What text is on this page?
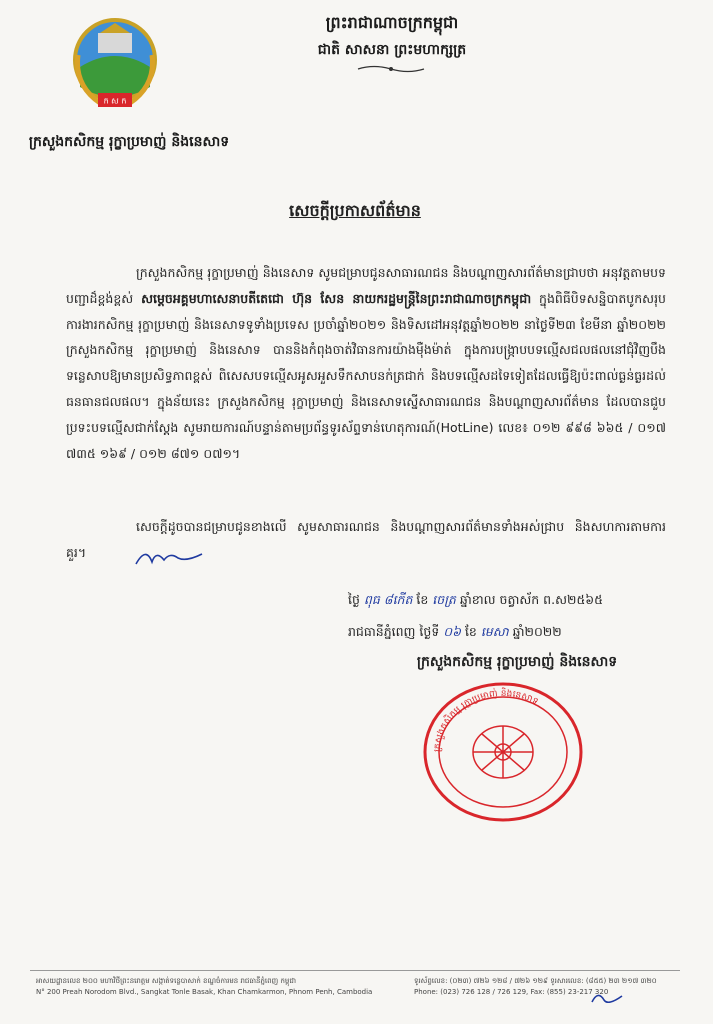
ក ស ក
ក្រសួងកសិកម្ម រុក្ខាប្រមាញ់ និងនេសាទ
ព្រះរាជាណាចក្រកម្ពុជា
ជាតិ សាសនា ព្រះមហាក្សត្រ
សេចក្ដីប្រកាសព័ត៌មាន
ក្រសួងកសិកម្ម រុក្ខាប្រមាញ់ និងនេសាទ សូមជម្រាបជូនសាធារណជន និងបណ្ដាញសារព័ត៌មានជ្រាបថា អនុវត្តតាមបទបញ្ជាដ៏ខ្ពង់ខ្ពស់ សម្ដេចអគ្គមហាសេនាបតីតេជោ ហ៊ុន សែន នាយករដ្ឋមន្ត្រីនៃព្រះរាជាណាចក្រកម្ពុជា ក្នុងពិធីបិទសន្និបាតបូកសរុបការងារកសិកម្ម រុក្ខាប្រមាញ់ និងនេសាទទូទាំងប្រទេស ប្រចាំឆ្នាំ២០២១ និងទិសដៅអនុវត្តឆ្នាំ២០២២ នាថ្ងៃទី២៣ ខែមីនា ឆ្នាំ២០២២ ក្រសួងកសិកម្ម រុក្ខាប្រមាញ់ និងនេសាទ បាននិងកំពុងចាត់វិធានការយ៉ាងម៉ឺងម៉ាត់ ក្នុងការបង្ក្រាបបទល្មើសជលផលនៅជុំវិញបឹងទន្លេសាបឱ្យមានប្រសិទ្ធភាពខ្ពស់ ពិសេសបទល្មើសអូសអួសទឹកសាបនក់ត្រជាក់ និងបទល្មើសដទៃទៀតដែលធ្វើឱ្យប៉ះពាល់ធ្ងន់ធ្ងរដល់ធនធានជលផល។ ក្នុងន័យនេះ ក្រសួងកសិកម្ម រុក្ខាប្រមាញ់ និងនេសាទស្នើសាធារណជន និងបណ្ដាញសារព័ត៌មាន ដែលបានជួបប្រទះបទល្មើសជាក់ស្ដែង សូមរាយការណ៍បន្ទាន់តាមប្រព័ន្ធទូរស័ព្ទទាន់ហេតុការណ៍(HotLine) លេខ៖ ០១២ ៩៩៨ ៦៦៥ / ០១៧ ៧៣៥ ១៦៩ / ០១២ ៨៧១ ០៧១។
សេចក្ដីដូចបានជម្រាបជូនខាងលើ សូមសាធារណជន និងបណ្ដាញសារព័ត៌មានទាំងអស់ជ្រាប និងសហការតាមការគួរ។
ថ្ងៃ ពុធ ៨កើត ខែ ចេត្រ ឆ្នាំខាល ចត្វាស័ក ព.ស២៥៦៥
រាជធានីភ្នំពេញ ថ្ងៃទី ០៦ ខែ មេសា ឆ្នាំ២០២២
ក្រសួងកសិកម្ម រុក្ខាប្រមាញ់ និងនេសាទ
ក្រសួងកសិកម្ម រុក្ខាប្រមាញ់ និងនេសាទ
អាសយដ្ឋានលេខ ២០០ មហាវិថីព្រះនរោត្តម សង្កាត់ទន្លេបាសាក់ ខណ្ឌចំការមន រាជធានីភ្នំពេញ កម្ពុជា
N° 200 Preah Norodom Blvd., Sangkat Tonle Basak, Khan Chamkarmon, Phnom Penh, Cambodia
ទូរស័ព្ទលេខ: (០២៣) ៧២៦ ១២៨ / ៧២៦ ១២៩ ទូរសារលេខ: (៨៥៥) ២៣ ២១៧ ៣២០
Phone: (023) 726 128 / 726 129, Fax: (855) 23-217 320
